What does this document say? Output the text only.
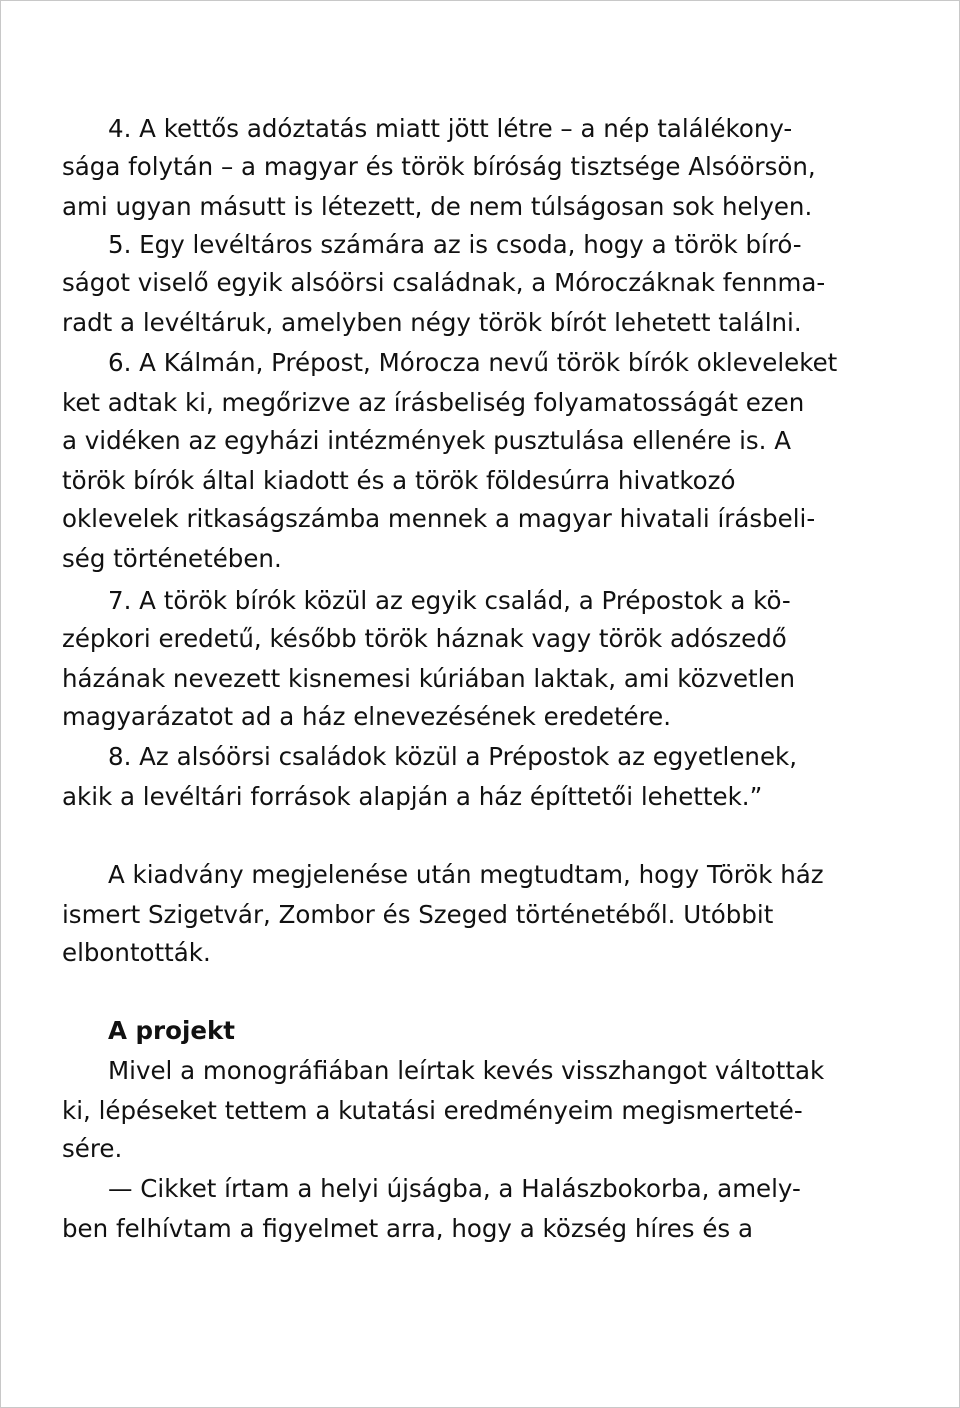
4. A kettős adóztatás miatt jött létre – a nép találékony-
sága folytán – a magyar és török bíróság tisztsége Alsóörsön,
ami ugyan másutt is létezett, de nem túlságosan sok helyen.
5. Egy levéltáros számára az is csoda, hogy a török bíró-
ságot viselő egyik alsóörsi családnak, a Móroczáknak fennma-
radt a levéltáruk, amelyben négy török bírót lehetett találni.
6. A Kálmán, Prépost, Mórocza nevű török bírók okleveleket
ket adtak ki, megőrizve az írásbeliség folyamatosságát ezen
a vidéken az egyházi intézmények pusztulása ellenére is. A
török bírók által kiadott és a török földesúrra hivatkozó
oklevelek ritkaságszámba mennek a magyar hivatali írásbeli-
ség történetében.
7. A török bírók közül az egyik család, a Prépostok a kö-
zépkori eredetű, később török háznak vagy török adószedő
házának nevezett kisnemesi kúriában laktak, ami közvetlen
magyarázatot ad a ház elnevezésének eredetére.
8. Az alsóörsi családok közül a Prépostok az egyetlenek,
akik a levéltári források alapján a ház építtetői lehettek.”
A kiadvány megjelenése után megtudtam, hogy Török ház
ismert Szigetvár, Zombor és Szeged történetéből. Utóbbit
elbontották.
A projekt
Mivel a monográfiában leírtak kevés visszhangot váltottak
ki, lépéseket tettem a kutatási eredményeim megismerteté-
sére.
— Cikket írtam a helyi újságba, a Halászbokorba, amely-
ben felhívtam a figyelmet arra, hogy a község híres és a
